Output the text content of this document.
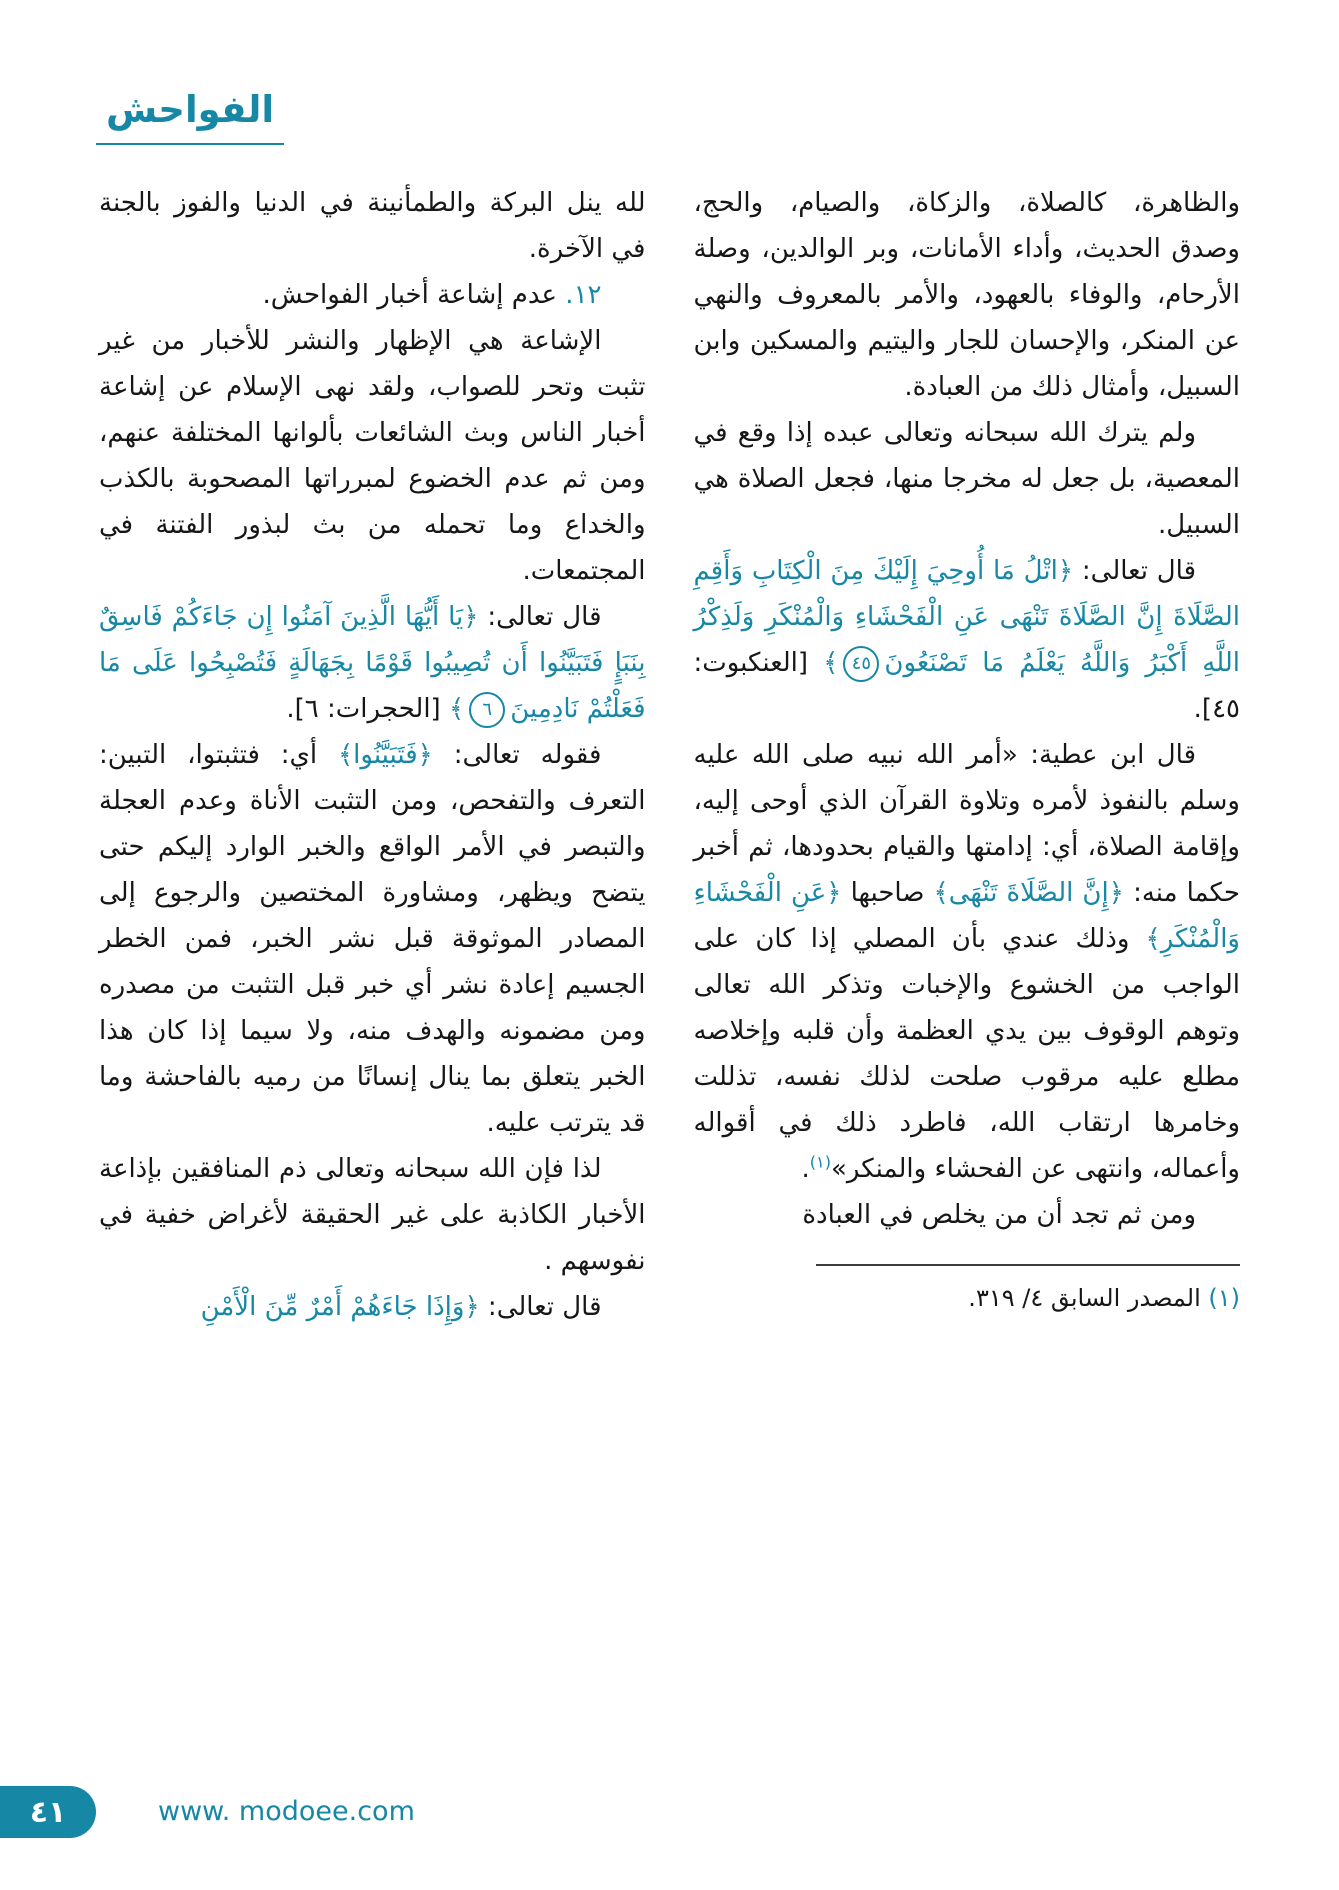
الفواحش

والظاهرة، كالصلاة، والزكاة، والصيام، والحج، وصدق الحديث، وأداء الأمانات، وبر الوالدين، وصلة الأرحام، والوفاء بالعهود، والأمر بالمعروف والنهي عن المنكر، والإحسان للجار واليتيم والمسكين وابن السبيل، وأمثال ذلك من العبادة.

ولم يترك الله سبحانه وتعالى عبده إذا وقع في المعصية، بل جعل له مخرجا منها، فجعل الصلاة هي السبيل.

قال تعالى: ﴿اتْلُ مَا أُوحِيَ إِلَيْكَ مِنَ الْكِتَابِ وَأَقِمِ الصَّلَاةَ إِنَّ الصَّلَاةَ تَنْهَى عَنِ الْفَحْشَاءِ وَالْمُنْكَرِ وَلَذِكْرُ اللَّهِ أَكْبَرُ وَاللَّهُ يَعْلَمُ مَا تَصْنَعُونَ٤٥﴾ [العنكبوت: ٤٥].

قال ابن عطية: «أمر الله نبيه صلى الله عليه وسلم بالنفوذ لأمره وتلاوة القرآن الذي أوحى إليه، وإقامة الصلاة، أي: إدامتها والقيام بحدودها، ثم أخبر حكما منه: ﴿إِنَّ الصَّلَاةَ تَنْهَى﴾ صاحبها ﴿عَنِ الْفَحْشَاءِ وَالْمُنْكَرِ﴾ وذلك عندي بأن المصلي إذا كان على الواجب من الخشوع والإخبات وتذكر الله تعالى وتوهم الوقوف بين يدي العظمة وأن قلبه وإخلاصه مطلع عليه مرقوب صلحت لذلك نفسه، تذللت وخامرها ارتقاب الله، فاطرد ذلك في أقواله وأعماله، وانتهى عن الفحشاء والمنكر»$^{(١)}$.

ومن ثم تجد أن من يخلص في العبادة

(١) المصدر السابق ٤/ ٣١٩.

لله ينل البركة والطمأنينة في الدنيا والفوز بالجنة في الآخرة.

١٢. عدم إشاعة أخبار الفواحش.

الإشاعة هي الإظهار والنشر للأخبار من غير تثبت وتحر للصواب، ولقد نهى الإسلام عن إشاعة أخبار الناس وبث الشائعات بألوانها المختلفة عنهم، ومن ثم عدم الخضوع لمبرراتها المصحوبة بالكذب والخداع وما تحمله من بث لبذور الفتنة في المجتمعات.

قال تعالى: ﴿يَا أَيُّهَا الَّذِينَ آمَنُوا إِن جَاءَكُمْ فَاسِقٌ بِنَبَإٍ فَتَبَيَّنُوا أَن تُصِيبُوا قَوْمًا بِجَهَالَةٍ فَتُصْبِحُوا عَلَى مَا فَعَلْتُمْ نَادِمِينَ٦﴾ [الحجرات: ٦].

فقوله تعالى: ﴿فَتَبَيَّنُوا﴾ أي: فتثبتوا، التبين: التعرف والتفحص، ومن التثبت الأناة وعدم العجلة والتبصر في الأمر الواقع والخبر الوارد إليكم حتى يتضح ويظهر، ومشاورة المختصين والرجوع إلى المصادر الموثوقة قبل نشر الخبر، فمن الخطر الجسيم إعادة نشر أي خبر قبل التثبت من مصدره ومن مضمونه والهدف منه، ولا سيما إذا كان هذا الخبر يتعلق بما ينال إنسانًا من رميه بالفاحشة وما قد يترتب عليه.

لذا فإن الله سبحانه وتعالى ذم المنافقين بإذاعة الأخبار الكاذبة على غير الحقيقة لأغراض خفية في نفوسهم .

قال تعالى: ﴿وَإِذَا جَاءَهُمْ أَمْرٌ مِّنَ الْأَمْنِ

٤١	www. modoee.com
